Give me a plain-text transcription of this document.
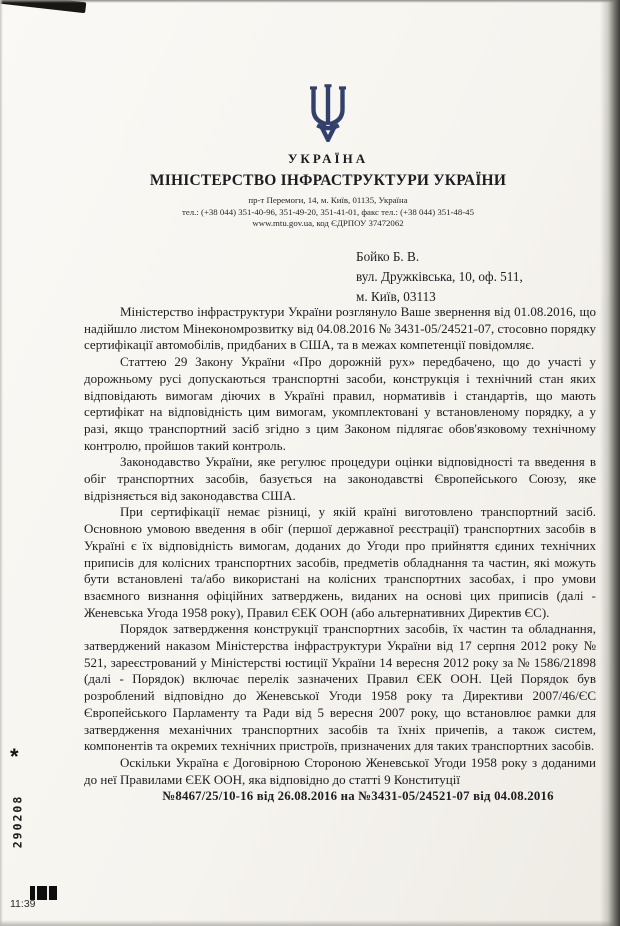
УКРАЇНА
МІНІСТЕРСТВО ІНФРАСТРУКТУРИ УКРАЇНИ
пр-т Перемоги, 14, м. Київ, 01135, Україна
тел.: (+38 044) 351-40-96, 351-49-20, 351-41-01, факс тел.: (+38 044) 351-48-45
www.mtu.gov.ua, код ЄДРПОУ 37472062
Бойко Б. В.
вул. Дружківська, 10, оф. 511,
м. Київ, 03113

Міністерство інфраструктури України розглянуло Ваше звернення від 01.08.2016, що надійшло листом Мінекономрозвитку від 04.08.2016 № 3431-05/24521-07, стосовно порядку сертифікації автомобілів, придбаних в США, та в межах компетенції повідомляє.

Статтею 29 Закону України «Про дорожній рух» передбачено, що до участі у дорожньому русі допускаються транспортні засоби, конструкція і технічний стан яких відповідають вимогам діючих в Україні правил, нормативів і стандартів, що мають сертифікат на відповідність цим вимогам, укомплектовані у встановленому порядку, а у разі, якщо транспортний засіб згідно з цим Законом підлягає обов'язковому технічному контролю, пройшов такий контроль.

Законодавство України, яке регулює процедури оцінки відповідності та введення в обіг транспортних засобів, базується на законодавстві Європейського Союзу, яке відрізняється від законодавства США.

При сертифікації немає різниці, у якій країні виготовлено транспортний засіб. Основною умовою введення в обіг (першої державної реєстрації) транспортних засобів в Україні є їх відповідність вимогам, доданих до Угоди про прийняття єдиних технічних приписів для колісних транспортних засобів, предметів обладнання та частин, які можуть бути встановлені та/або використані на колісних транспортних засобах, і про умови взаємного визнання офіційних затверджень, виданих на основі цих приписів (далі - Женевська Угода 1958 року), Правил ЄЕК ООН (або альтернативних Директив ЄС).

Порядок затвердження конструкції транспортних засобів, їх частин та обладнання, затверджений наказом Міністерства інфраструктури України від 17 серпня 2012 року № 521, зареєстрований у Міністерстві юстиції України 14 вересня 2012 року за № 1586/21898 (далі - Порядок) включає перелік зазначених Правил ЄЕК ООН. Цей Порядок був розроблений відповідно до Женевської Угоди 1958 року та Директиви 2007/46/ЄС Європейського Парламенту та Ради від 5 вересня 2007 року, що встановлює рамки для затвердження механічних транспортних засобів та їхніх причепів, а також систем, компонентів та окремих технічних пристроїв, призначених для таких транспортних засобів.

Оскільки Україна є Договірною Стороною Женевської Угоди 1958 року з доданими до неї Правилами ЄЕК ООН, яка відповідно до статті 9 Конституції

№8467/25/10-16 від 26.08.2016 на №3431-05/24521-07 від 04.08.2016

*
290208
11:39
